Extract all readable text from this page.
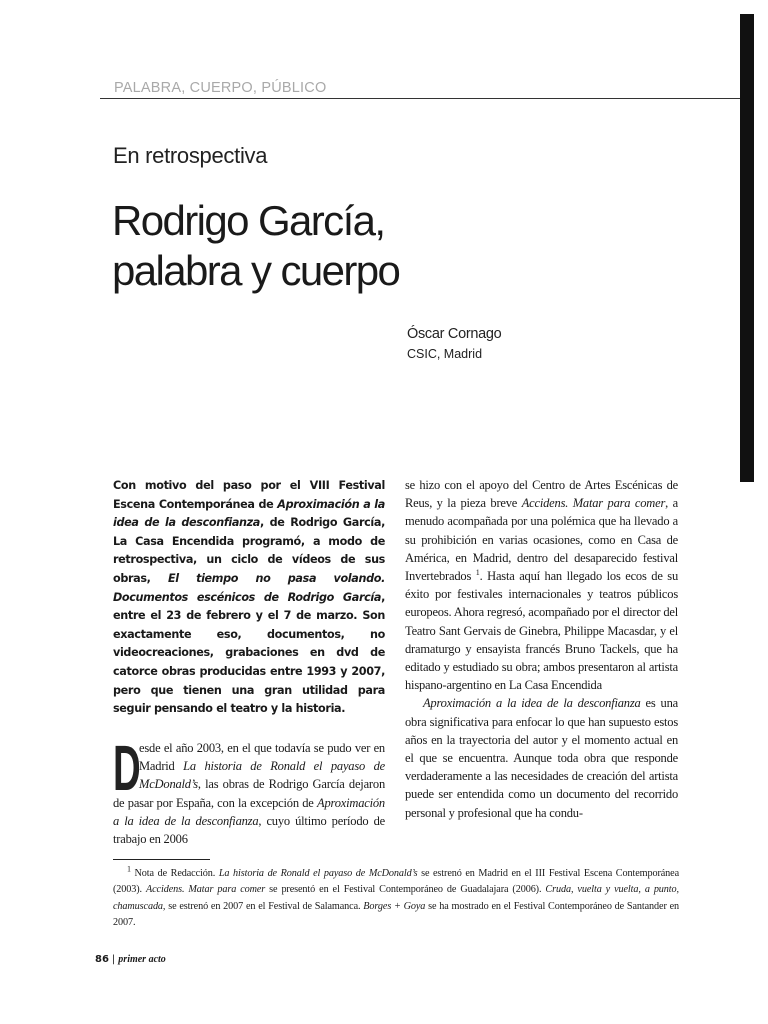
PALABRA, CUERPO, PÚBLICO
En retrospectiva
Rodrigo García,
palabra y cuerpo
Óscar Cornago
CSIC, Madrid

Con motivo del paso por el VIII Festival Escena Contemporánea de Aproximación a la idea de la desconfianza, de Rodrigo García, La Casa Encendida programó, a modo de retrospectiva, un ciclo de vídeos de sus obras, El tiempo no pasa volando. Documentos escénicos de Rodrigo García, entre el 23 de febrero y el 7 de marzo. Son exactamente eso, documentos, no videocreaciones, grabaciones en dvd de catorce obras producidas entre 1993 y 2007, pero que tienen una gran utilidad para seguir pensando el teatro y la historia.

D
esde el año 2003, en el que todavía se pudo ver en Madrid La historia de Ronald el payaso de McDonald’s, las obras de Rodrigo García dejaron de pasar por España, con la excepción de Aproximación a la idea de la desconfianza, cuyo último período de trabajo en 2006

se hizo con el apoyo del Centro de Artes Escénicas de Reus, y la pieza breve Accidens. Matar para comer, a menudo acompañada por una polémica que ha llevado a su prohibición en varias ocasiones, como en Casa de América, en Madrid, dentro del desaparecido festival Invertebrados $^1$. Hasta aquí han llegado los ecos de su éxito por festivales internacionales y teatros públicos europeos. Ahora regresó, acompañado por el director del Teatro Sant Gervais de Ginebra, Philippe Macasdar, y el dramaturgo y ensayista francés Bruno Tackels, que ha editado y estudiado su obra; ambos presentaron al artista hispano-argentino en La Casa Encendida

Aproximación a la idea de la desconfianza es una obra significativa para enfocar lo que han supuesto estos años en la trayectoria del autor y el momento actual en el que se encuentra. Aunque toda obra que responde verdaderamente a las necesidades de creación del artista puede ser entendida como un documento del recorrido personal y profesional que ha condu-

$^1$ Nota de Redacción. La historia de Ronald el payaso de McDonald’s se estrenó en Madrid en el III Festival Escena Contemporánea (2003). Accidens. Matar para comer se presentó en el Festival Contemporáneo de Guadalajara (2006). Cruda, vuelta y vuelta, a punto, chamuscada, se estrenó en 2007 en el Festival de Salamanca. Borges + Goya se ha mostrado en el Festival Contemporáneo de Santander en 2007.

86 | primer acto
